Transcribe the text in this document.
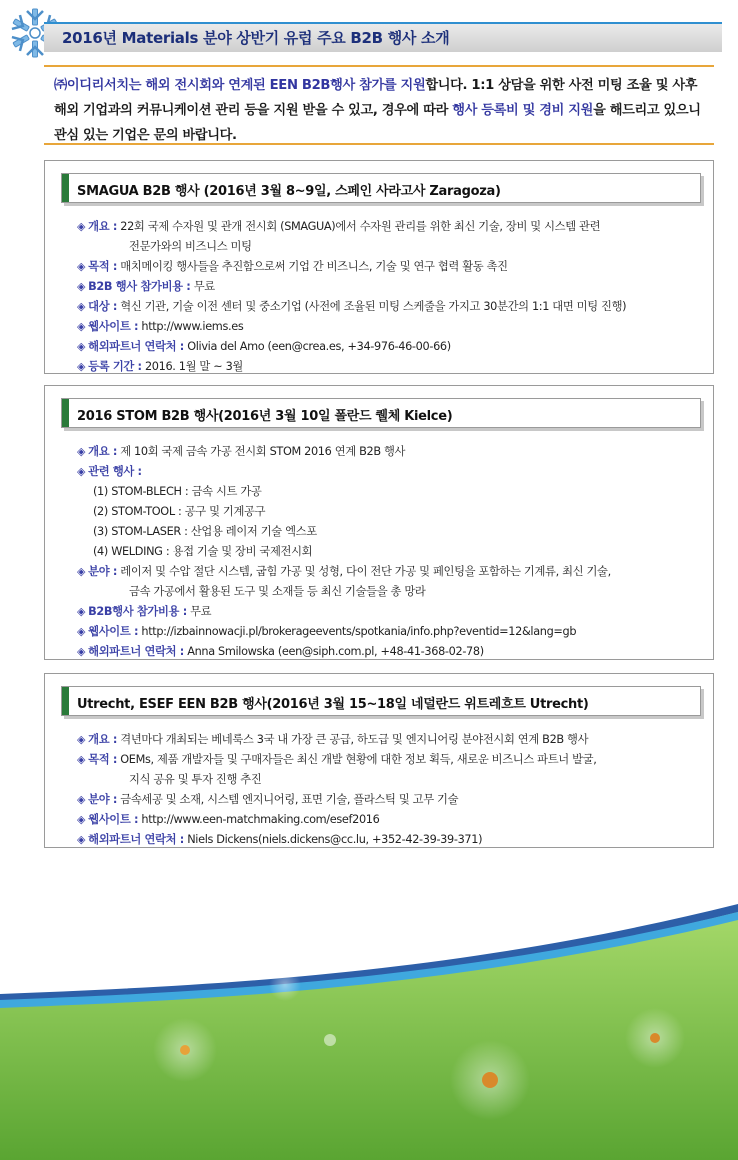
2016년 Materials 분야 상반기 유럽 주요 B2B 행사 소개
㈜이디리서치는 해외 전시회와 연계된 EEN B2B행사 참가를 지원합니다. 1:1 상담을 위한 사전 미팅 조율 및 사후 해외 기업과의 커뮤니케이션 관리 등을 지원 받을 수 있고, 경우에 따라 행사 등록비 및 경비 지원을 해드리고 있으니 관심 있는 기업은 문의 바랍니다.
SMAGUA B2B 행사 (2016년 3월 8~9일, 스페인 사라고사 Zaragoza)
◈ 개요 : 22회 국제 수자원 및 관개 전시회 (SMAGUA)에서 수자원 관리를 위한 최신 기술, 장비 및 시스템 관련
전문가와의 비즈니스 미팅
◈ 목적 : 매치메이킹 행사들을 추진함으로써 기업 간 비즈니스, 기술 및 연구 협력 활동 촉진
◈ B2B 행사 참가비용 : 무료
◈ 대상 : 혁신 기관, 기술 이전 센터 및 중소기업 (사전에 조율된 미팅 스케줄을 가지고 30분간의 1:1 대면 미팅 진행)
◈ 웹사이트 : http://www.iems.es
◈ 해외파트너 연락처 : Olivia del Amo (een@crea.es, +34-976-46-00-66)
◈ 등록 기간 : 2016. 1월 말 ~ 3월
2016 STOM B2B 행사(2016년 3월 10일 폴란드 퀠체 Kielce)
◈ 개요 : 제 10회 국제 금속 가공 전시회 STOM 2016 연계 B2B 행사
◈ 관련 행사 :
(1) STOM-BLECH : 금속 시트 가공
(2) STOM-TOOL : 공구 및 기계공구
(3) STOM-LASER : 산업용 레이저 기술 엑스포
(4) WELDING : 용접 기술 및 장비 국제전시회
◈ 분야 : 레이저 및 수압 절단 시스템, 굽힘 가공 및 성형, 다이 전단 가공 및 페인팅을 포함하는 기계류, 최신 기술,
금속 가공에서 활용된 도구 및 소재들 등 최신 기술들을 총 망라
◈ B2B행사 참가비용 : 무료
◈ 웹사이트 : http://izbainnowacji.pl/brokerageevents/spotkania/info.php?eventid=12&lang=gb
◈ 해외파트너 연락처 : Anna Smilowska (een@siph.com.pl, +48-41-368-02-78)
Utrecht, ESEF EEN B2B 행사(2016년 3월 15~18일 네덜란드 위트레흐트 Utrecht)
◈ 개요 : 격년마다 개최되는 베네룩스 3국 내 가장 큰 공급, 하도급 및 엔지니어링 분야전시회 연계 B2B 행사
◈ 목적 : OEMs, 제품 개발자들 및 구매자들은 최신 개발 현황에 대한 정보 획득, 새로운 비즈니스 파트너 발굴,
지식 공유 및 투자 진행 추진
◈ 분야 : 금속세공 및 소재, 시스템 엔지니어링, 표면 기술, 플라스틱 및 고무 기술
◈ 웹사이트 : http://www.een-matchmaking.com/esef2016
◈ 해외파트너 연락처 : Niels Dickens(niels.dickens@cc.lu, +352-42-39-39-371)
